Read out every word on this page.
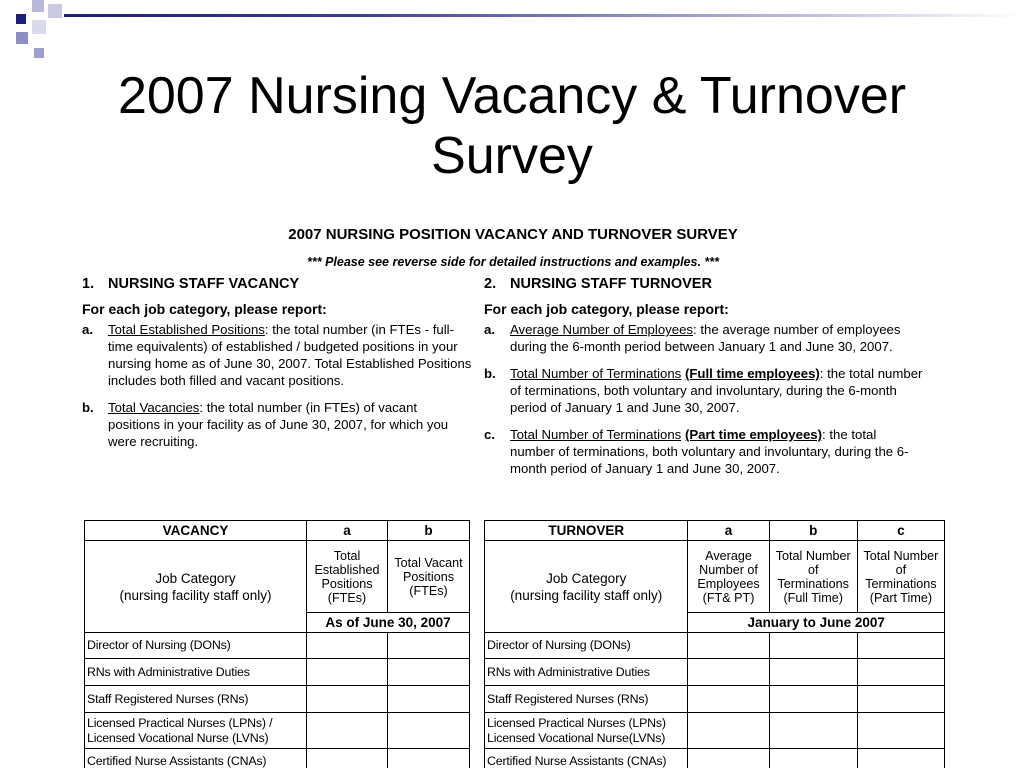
2007 Nursing Vacancy & Turnover Survey
2007 NURSING POSITION VACANCY AND TURNOVER SURVEY
*** Please see reverse side for detailed instructions and examples. ***
1. NURSING STAFF VACANCY
For each job category, please report:
a. Total Established Positions: the total number (in FTEs - full-time equivalents) of established / budgeted positions in your nursing home as of June 30, 2007. Total Established Positions includes both filled and vacant positions.
b. Total Vacancies: the total number (in FTEs) of vacant positions in your facility as of June 30, 2007, for which you were recruiting.
2. NURSING STAFF TURNOVER
For each job category, please report:
a. Average Number of Employees: the average number of employees during the 6-month period between January 1 and June 30, 2007.
b. Total Number of Terminations (Full time employees): the total number of terminations, both voluntary and involuntary, during the 6-month period of January 1 and June 30, 2007.
c. Total Number of Terminations (Part time employees): the total number of terminations, both voluntary and involuntary, during the 6-month period of January 1 and June 30, 2007.
VACANCY	a	b

Job Category
(nursing facility staff only)	Total Established Positions (FTEs)	Total Vacant Positions (FTEs)
	As of June 30, 2007	
Director of Nursing (DONs)		
RNs with Administrative Duties		
Staff Registered Nurses (RNs)		
Licensed Practical Nurses (LPNs) / Licensed Vocational Nurse (LVNs)		
Certified Nurse Assistants (CNAs)		
TURNOVER	a	b	c

Job Category
(nursing facility staff only)	Average Number of Employees (FT& PT)	Total Number of Terminations (Full Time)	Total Number of Terminations (Part Time)
	January to June 2007		
Director of Nursing (DONs)			
RNs with Administrative Duties			
Staff Registered Nurses (RNs)			
Licensed Practical Nurses (LPNs) Licensed Vocational Nurse(LVNs)			
Certified Nurse Assistants (CNAs)			
